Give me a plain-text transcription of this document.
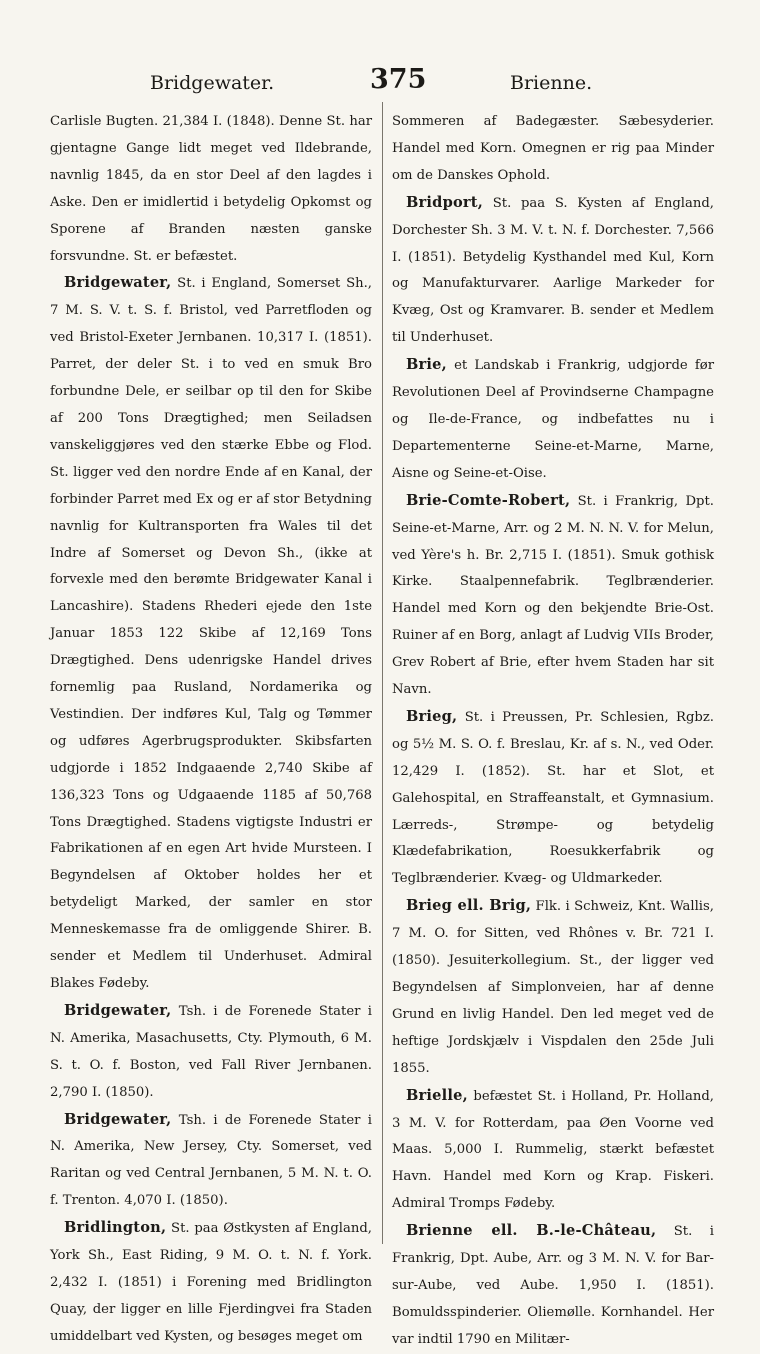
Bridgewater.	375	Brienne.

Carlisle Bugten. 21,384 I. (1848). Denne St. har gjentagne Gange lidt meget ved Ildebrande, navnlig 1845, da en stor Deel af den lagdes i Aske. Den er imidlertid i betydelig Opkomst og Sporene af Branden næsten ganske forsvundne. St. er befæstet.

Bridgewater, St. i England, Somerset Sh., 7 M. S. V. t. S. f. Bristol, ved Parretfloden og ved Bristol-Exeter Jernbanen. 10,317 I. (1851). Parret, der deler St. i to ved en smuk Bro forbundne Dele, er seilbar op til den for Skibe af 200 Tons Drægtighed; men Seiladsen vanskeliggjøres ved den stærke Ebbe og Flod. St. ligger ved den nordre Ende af en Kanal, der forbinder Parret med Ex og er af stor Betydning navnlig for Kultransporten fra Wales til det Indre af Somerset og Devon Sh., (ikke at forvexle med den berømte Bridgewater Kanal i Lancashire). Stadens Rhederi ejede den 1ste Januar 1853 122 Skibe af 12,169 Tons Drægtighed. Dens udenrigske Handel drives fornemlig paa Rusland, Nordamerika og Vestindien. Der indføres Kul, Talg og Tømmer og udføres Agerbrugsprodukter. Skibsfarten udgjorde i 1852 Indgaaende 2,740 Skibe af 136,323 Tons og Udgaaende 1185 af 50,768 Tons Drægtighed. Stadens vigtigste Industri er Fabrikationen af en egen Art hvide Mursteen. I Begyndelsen af Oktober holdes her et betydeligt Marked, der samler en stor Menneskemasse fra de omliggende Shirer. B. sender et Medlem til Underhuset. Admiral Blakes Fødeby.

Bridgewater, Tsh. i de Forenede Stater i N. Amerika, Masachusetts, Cty. Plymouth, 6 M. S. t. O. f. Boston, ved Fall River Jernbanen. 2,790 I. (1850).

Bridgewater, Tsh. i de Forenede Stater i N. Amerika, New Jersey, Cty. Somerset, ved Raritan og ved Central Jernbanen, 5 M. N. t. O. f. Trenton. 4,070 I. (1850).

Bridlington, St. paa Østkysten af England, York Sh., East Riding, 9 M. O. t. N. f. York. 2,432 I. (1851) i Forening med Bridlington Quay, der ligger en lille Fjerdingvei fra Staden umiddelbart ved Kysten, og besøges meget om

Sommeren af Badegæster. Sæbesyderier. Handel med Korn. Omegnen er rig paa Minder om de Danskes Ophold.

Bridport, St. paa S. Kysten af England, Dorchester Sh. 3 M. V. t. N. f. Dorchester. 7,566 I. (1851). Betydelig Kysthandel med Kul, Korn og Manufakturvarer. Aarlige Markeder for Kvæg, Ost og Kramvarer. B. sender et Medlem til Underhuset.

Brie, et Landskab i Frankrig, udgjorde før Revolutionen Deel af Provindserne Champagne og Ile-de-France, og indbefattes nu i Departementerne Seine-et-Marne, Marne, Aisne og Seine-et-Oise.

Brie-Comte-Robert, St. i Frankrig, Dpt. Seine-et-Marne, Arr. og 2 M. N. N. V. for Melun, ved Yère's h. Br. 2,715 I. (1851). Smuk gothisk Kirke. Staalpennefabrik. Teglbrænderier. Handel med Korn og den bekjendte Brie-Ost. Ruiner af en Borg, anlagt af Ludvig VIIs Broder, Grev Robert af Brie, efter hvem Staden har sit Navn.

Brieg, St. i Preussen, Pr. Schlesien, Rgbz. og 5½ M. S. O. f. Breslau, Kr. af s. N., ved Oder. 12,429 I. (1852). St. har et Slot, et Galehospital, en Straffeanstalt, et Gymnasium. Lærreds-, Strømpe- og betydelig Klædefabrikation, Roesukkerfabrik og Teglbrænderier. Kvæg- og Uldmarkeder.

Brieg ell. Brig, Flk. i Schweiz, Knt. Wallis, 7 M. O. for Sitten, ved Rhônes v. Br. 721 I. (1850). Jesuiterkollegium. St., der ligger ved Begyndelsen af Simplonveien, har af denne Grund en livlig Handel. Den led meget ved de heftige Jordskjælv i Vispdalen den 25de Juli 1855.

Brielle, befæstet St. i Holland, Pr. Holland, 3 M. V. for Rotterdam, paa Øen Voorne ved Maas. 5,000 I. Rummelig, stærkt befæstet Havn. Handel med Korn og Krap. Fiskeri. Admiral Tromps Fødeby.

Brienne ell. B.-le-Château, St. i Frankrig, Dpt. Aube, Arr. og 3 M. N. V. for Bar-sur-Aube, ved Aube. 1,950 I. (1851). Bomuldsspinderier. Oliemølle. Kornhandel. Her var indtil 1790 en Militær-
